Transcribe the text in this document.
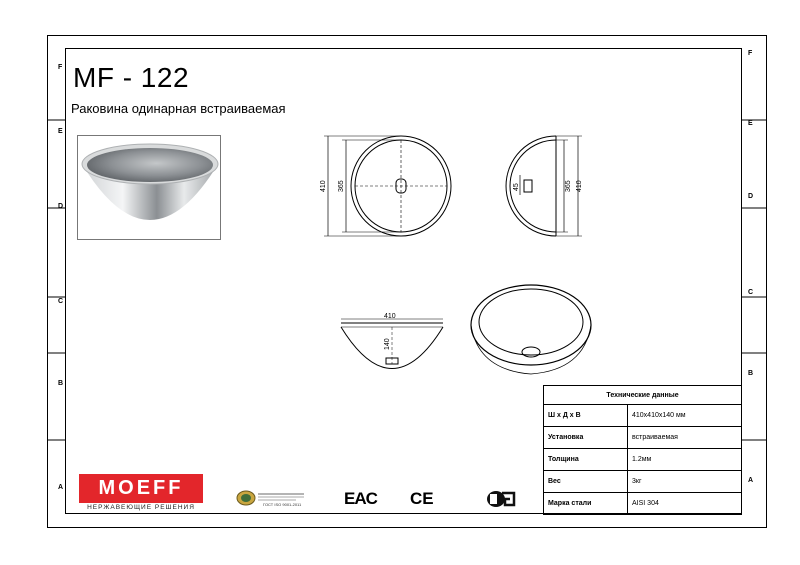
F
E
D
C
B
A
F
E
D
C
B
A
MF - 122
Раковина одинарная встраиваемая
410 365	45	365 410
410
140
Технические данные	
Ш x Д x В	410x410x140 мм
Установка	встраиваемая
Толщина	1.2мм
Вес	3кг
Марка стали	AISI 304
MOEFF
НЕРЖАВЕЮЩИЕ РЕШЕНИЯ	ГОСТ ISO 9001-2011	EAC CE
